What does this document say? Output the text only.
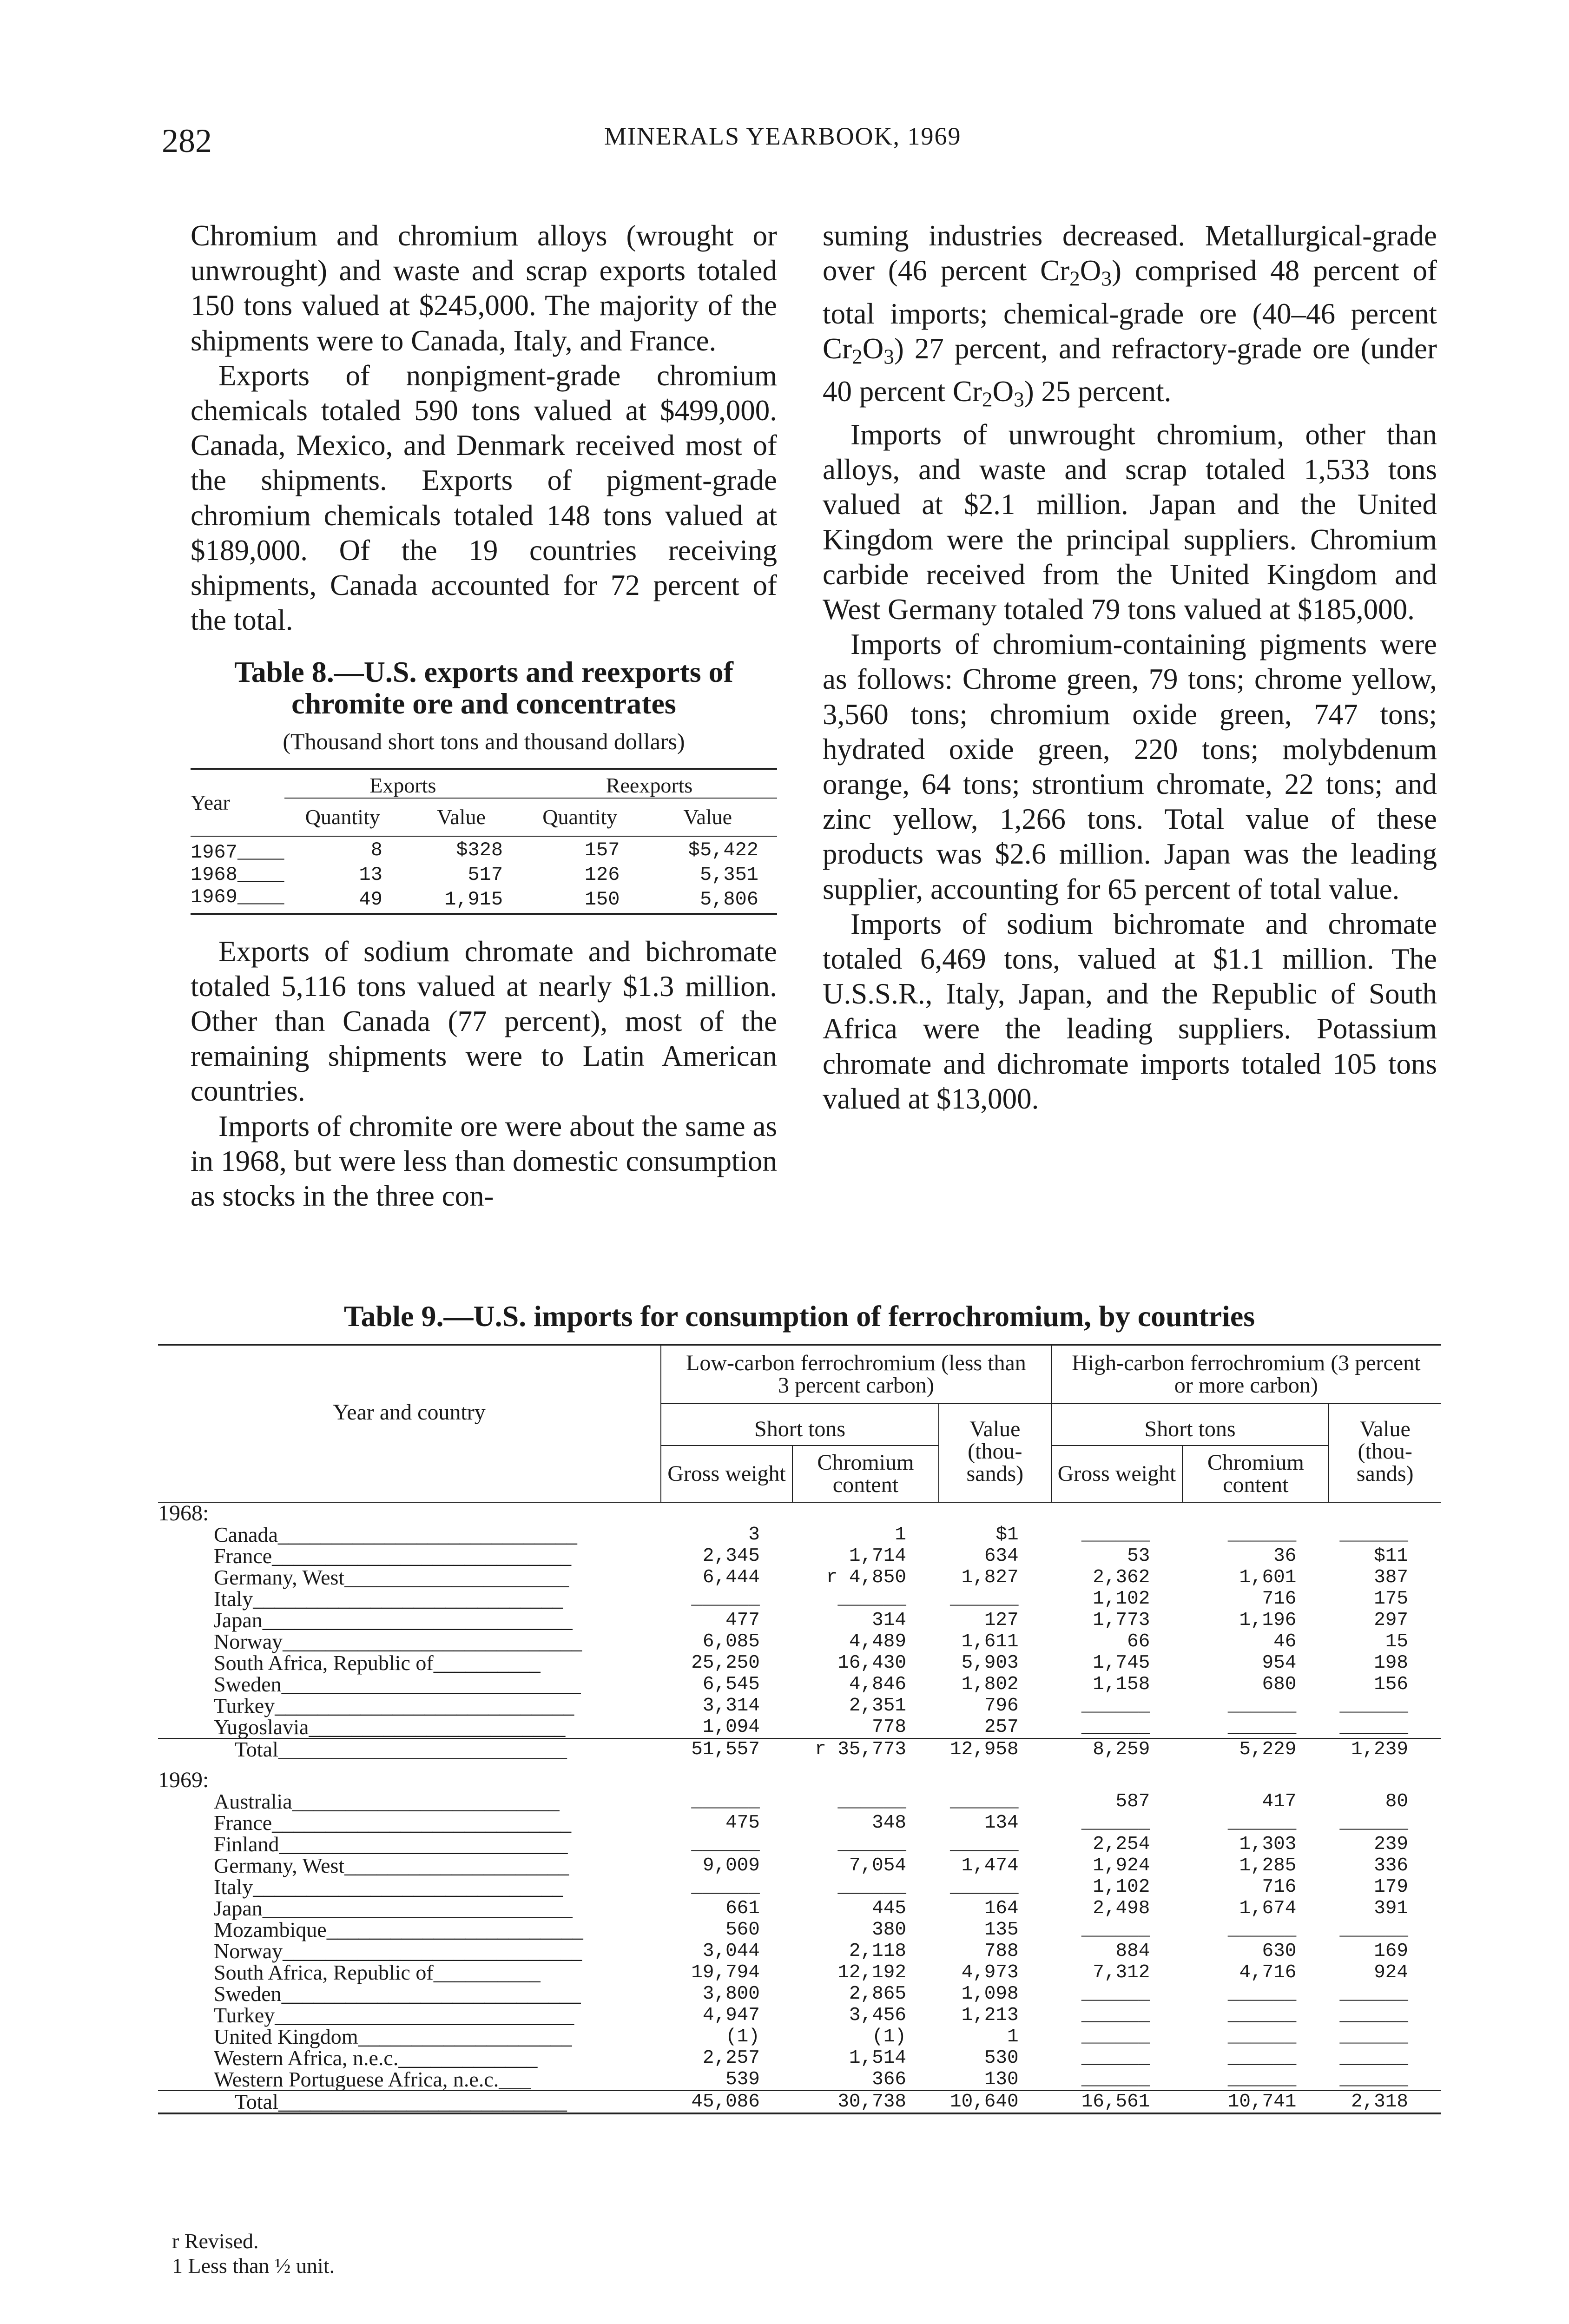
282	MINERALS YEARBOOK, 1969

Chromium and chromium alloys (wrought or unwrought) and waste and scrap exports totaled 150 tons valued at $245,000. The majority of the shipments were to Canada, Italy, and France.

Exports of nonpigment-grade chromium chemicals totaled 590 tons valued at $499,000. Canada, Mexico, and Denmark received most of the shipments. Exports of pigment-grade chromium chemicals totaled 148 tons valued at $189,000. Of the 19 countries receiving shipments, Canada accounted for 72 percent of the total.

Table 8.—U.S. exports and reexports of chromite ore and concentrates
(Thousand short tons and thousand dollars)
Year	Exports		Reexports	
	Quantity	Value	Quantity	Value
1967____	8	$328	157	$5,422
1968____	13	517	126	5,351
1969____	49	1,915	150	5,806

Exports of sodium chromate and bichromate totaled 5,116 tons valued at nearly $1.3 million. Other than Canada (77 percent), most of the remaining shipments were to Latin American countries.

Imports of chromite ore were about the same as in 1968, but were less than domestic consumption as stocks in the three con-

suming industries decreased. Metallurgical-grade over (46 percent $Cr_2O_3$) comprised 48 percent of total imports; chemical-grade ore (40–46 percent $Cr_2O_3$) 27 percent, and refractory-grade ore (under 40 percent $Cr_2O_3$) 25 percent.

Imports of unwrought chromium, other than alloys, and waste and scrap totaled 1,533 tons valued at $2.1 million. Japan and the United Kingdom were the principal suppliers. Chromium carbide received from the United Kingdom and West Germany totaled 79 tons valued at $185,000.

Imports of chromium-containing pigments were as follows: Chrome green, 79 tons; chrome yellow, 3,560 tons; chromium oxide green, 747 tons; hydrated oxide green, 220 tons; molybdenum orange, 64 tons; strontium chromate, 22 tons; and zinc yellow, 1,266 tons. Total value of these products was $2.6 million. Japan was the leading supplier, accounting for 65 percent of total value.

Imports of sodium bichromate and chromate totaled 6,469 tons, valued at $1.1 million. The U.S.S.R., Italy, Japan, and the Republic of South Africa were the leading suppliers. Potassium chromate and dichromate imports totaled 105 tons valued at $13,000.

Table 9.—U.S. imports for consumption of ferrochromium, by countries
Year and country	Low-carbon ferrochromium (less than 3 percent carbon)			High-carbon ferrochromium (3 percent or more carbon)		
	Short tons		Value (thou-sands)	Short tons		Value (thou-sands)
	Gross weight	Chromium content		Gross weight	Chromium content	
1968:						
Canada____________________________	3	1	$1	______	______	______
France____________________________	2,345	1,714	634	53	36	$11
Germany, West_____________________	6,444	r 4,850	1,827	2,362	1,601	387
Italy_____________________________	______	______	______	1,102	716	175
Japan_____________________________	477	314	127	1,773	1,196	297
Norway____________________________	6,085	4,489	1,611	66	46	15
South Africa, Republic of__________	25,250	16,430	5,903	1,745	954	198
Sweden____________________________	6,545	4,846	1,802	1,158	680	156
Turkey____________________________	3,314	2,351	796	______	______	______
Yugoslavia________________________	1,094	778	257	______	______	______
Total___________________________	51,557	r 35,773	12,958	8,259	5,229	1,239
1969:						
Australia_________________________	______	______	______	587	417	80
France____________________________	475	348	134	______	______	______
Finland___________________________	______	______	______	2,254	1,303	239
Germany, West_____________________	9,009	7,054	1,474	1,924	1,285	336
Italy_____________________________	______	______	______	1,102	716	179
Japan_____________________________	661	445	164	2,498	1,674	391
Mozambique________________________	560	380	135	______	______	______
Norway____________________________	3,044	2,118	788	884	630	169
South Africa, Republic of__________	19,794	12,192	4,973	7,312	4,716	924
Sweden____________________________	3,800	2,865	1,098	______	______	______
Turkey____________________________	4,947	3,456	1,213	______	______	______
United Kingdom____________________	(1)	(1)	1	______	______	______
Western Africa, n.e.c._____________	2,257	1,514	530	______	______	______
Western Portuguese Africa, n.e.c.___	539	366	130	______	______	______
Total___________________________	45,086	30,738	10,640	16,561	10,741	2,318
r Revised.
1 Less than ½ unit.
